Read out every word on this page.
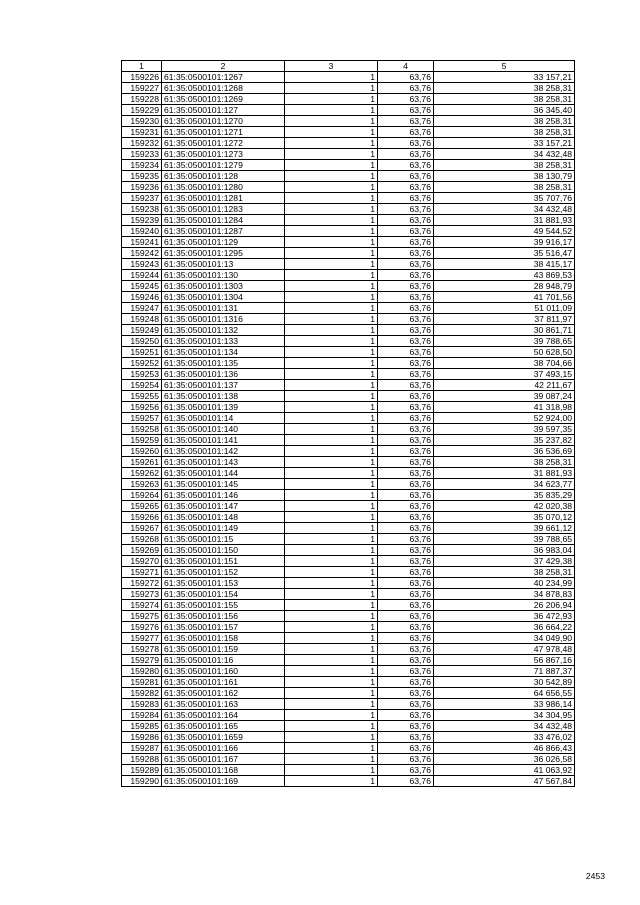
1	2	3	4	5
159226	61:35:0500101:1267	1	63,76	33 157,21
159227	61:35:0500101:1268	1	63,76	38 258,31
159228	61:35:0500101:1269	1	63,76	38 258,31
159229	61:35:0500101:127	1	63,76	36 345,40
159230	61:35:0500101:1270	1	63,76	38 258,31
159231	61:35:0500101:1271	1	63,76	38 258,31
159232	61:35:0500101:1272	1	63,76	33 157,21
159233	61:35:0500101:1273	1	63,76	34 432,48
159234	61:35:0500101:1279	1	63,76	38 258,31
159235	61:35:0500101:128	1	63,76	38 130,79
159236	61:35:0500101:1280	1	63,76	38 258,31
159237	61:35:0500101:1281	1	63,76	35 707,76
159238	61:35:0500101:1283	1	63,76	34 432,48
159239	61:35:0500101:1284	1	63,76	31 881,93
159240	61:35:0500101:1287	1	63,76	49 544,52
159241	61:35:0500101:129	1	63,76	39 916,17
159242	61:35:0500101:1295	1	63,76	35 516,47
159243	61:35:0500101:13	1	63,76	38 415,17
159244	61:35:0500101:130	1	63,76	43 869,53
159245	61:35:0500101:1303	1	63,76	28 948,79
159246	61:35:0500101:1304	1	63,76	41 701,56
159247	61:35:0500101:131	1	63,76	51 011,09
159248	61:35:0500101:1316	1	63,76	37 811,97
159249	61:35:0500101:132	1	63,76	30 861,71
159250	61:35:0500101:133	1	63,76	39 788,65
159251	61:35:0500101:134	1	63,76	50 628,50
159252	61:35:0500101:135	1	63,76	38 704,66
159253	61:35:0500101:136	1	63,76	37 493,15
159254	61:35:0500101:137	1	63,76	42 211,67
159255	61:35:0500101:138	1	63,76	39 087,24
159256	61:35:0500101:139	1	63,76	41 318,98
159257	61:35:0500101:14	1	63,76	52 924,00
159258	61:35:0500101:140	1	63,76	39 597,35
159259	61:35:0500101:141	1	63,76	35 237,82
159260	61:35:0500101:142	1	63,76	36 536,69
159261	61:35:0500101:143	1	63,76	38 258,31
159262	61:35:0500101:144	1	63,76	31 881,93
159263	61:35:0500101:145	1	63,76	34 623,77
159264	61:35:0500101:146	1	63,76	35 835,29
159265	61:35:0500101:147	1	63,76	42 020,38
159266	61:35:0500101:148	1	63,76	35 070,12
159267	61:35:0500101:149	1	63,76	39 661,12
159268	61:35:0500101:15	1	63,76	39 788,65
159269	61:35:0500101:150	1	63,76	36 983,04
159270	61:35:0500101:151	1	63,76	37 429,38
159271	61:35:0500101:152	1	63,76	38 258,31
159272	61:35:0500101:153	1	63,76	40 234,99
159273	61:35:0500101:154	1	63,76	34 878,83
159274	61:35:0500101:155	1	63,76	26 206,94
159275	61:35:0500101:156	1	63,76	36 472,93
159276	61:35:0500101:157	1	63,76	36 664,22
159277	61:35:0500101:158	1	63,76	34 049,90
159278	61:35:0500101:159	1	63,76	47 978,48
159279	61:35:0500101:16	1	63,76	56 867,16
159280	61:35:0500101:160	1	63,76	71 887,37
159281	61:35:0500101:161	1	63,76	30 542,89
159282	61:35:0500101:162	1	63,76	64 656,55
159283	61:35:0500101:163	1	63,76	33 986,14
159284	61:35:0500101:164	1	63,76	34 304,95
159285	61:35:0500101:165	1	63,76	34 432,48
159286	61:35:0500101:1659	1	63,76	33 476,02
159287	61:35:0500101:166	1	63,76	46 866,43
159288	61:35:0500101:167	1	63,76	36 026,58
159289	61:35:0500101:168	1	63,76	41 063,92
159290	61:35:0500101:169	1	63,76	47 567,84
2453
